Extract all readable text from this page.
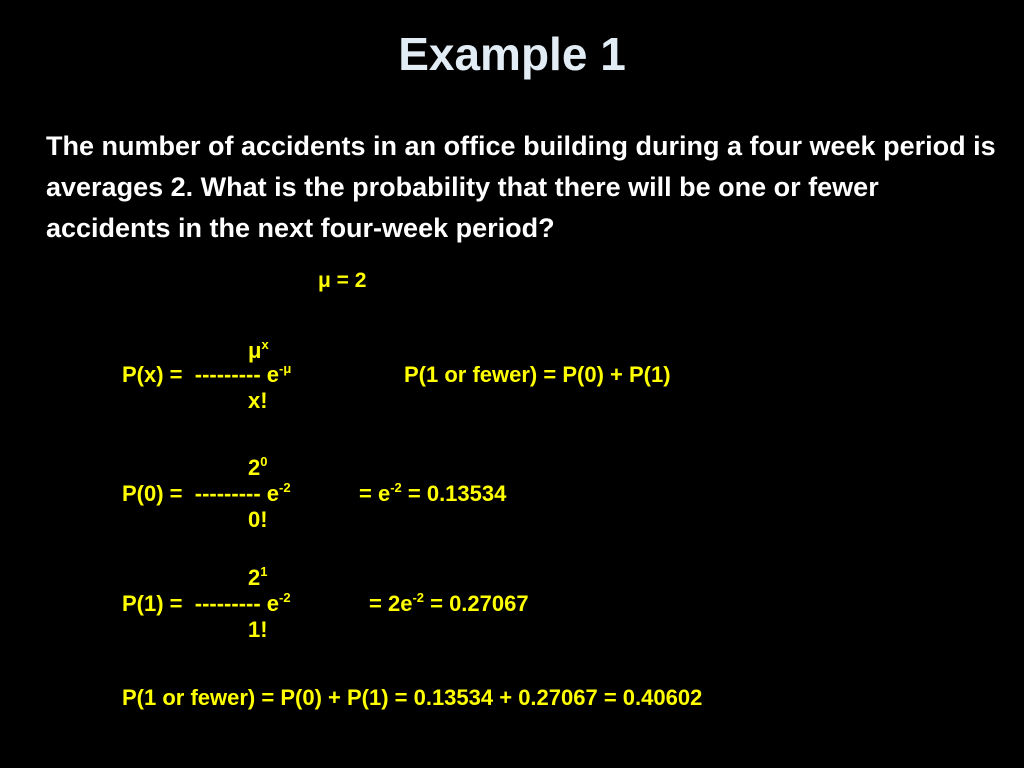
Example 1

The number of accidents in an office building during a four week period is averages 2. What is the probability that there will be one or fewer accidents in the next four-week period?

μ = 2
$\mu^x$
P(x) =  --------- $e^{-\mu}$	P(1 or fewer) = P(0) + P(1)
x!
$2^0$
P(0) =  --------- $e^{-2}$	= $e^{-2} = 0.13534$
0!
$2^1$
P(1) =  --------- $e^{-2}$	= $2e^{-2} = 0.27067$
1!
P(1 or fewer) = P(0) + P(1) = 0.13534 + 0.27067 = 0.40602
